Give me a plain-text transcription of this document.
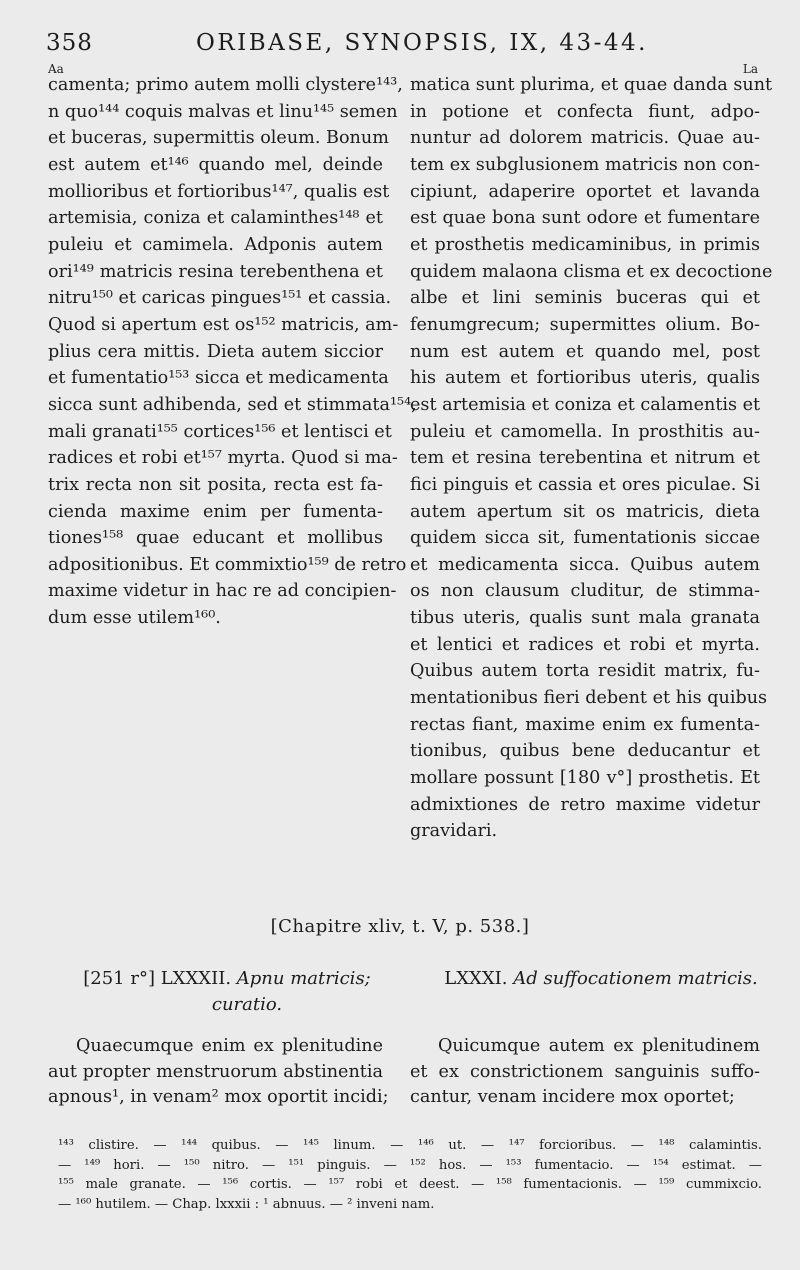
358	ORIBASE, SYNOPSIS, IX, 43-44.
Aa	La
camenta; primo autem molli clystere¹⁴³,
n quo¹⁴⁴ coquis malvas et linu¹⁴⁵ semen
et buceras, supermittis oleum. Bonum
est autem et¹⁴⁶ quando mel, deinde
mollioribus et fortioribus¹⁴⁷, qualis est
artemisia, coniza et calaminthes¹⁴⁸ et
puleiu et camimela. Adponis autem
ori¹⁴⁹ matricis resina terebenthena et
nitru¹⁵⁰ et caricas pingues¹⁵¹ et cassia.
Quod si apertum est os¹⁵² matricis, am-
plius cera mittis. Dieta autem siccior
et fumentatio¹⁵³ sicca et medicamenta
sicca sunt adhibenda, sed et stimmata¹⁵⁴,
mali granati¹⁵⁵ cortices¹⁵⁶ et lentisci et
radices et robi et¹⁵⁷ myrta. Quod si ma-
trix recta non sit posita, recta est fa-
cienda maxime enim per fumenta-
tiones¹⁵⁸ quae educant et mollibus
adpositionibus. Et commixtio¹⁵⁹ de retro
maxime videtur in hac re ad concipien-
dum esse utilem¹⁶⁰.
matica sunt plurima, et quae danda sunt
in potione et confecta fiunt, adpo-
nuntur ad dolorem matricis. Quae au-
tem ex subglusionem matricis non con-
cipiunt, adaperire oportet et lavanda
est quae bona sunt odore et fumentare
et prosthetis medicaminibus, in primis
quidem malaona clisma et ex decoctione
albe et lini seminis buceras qui et
fenumgrecum; supermittes olium. Bo-
num est autem et quando mel, post
his autem et fortioribus uteris, qualis
est artemisia et coniza et calamentis et
puleiu et camomella. In prosthitis au-
tem et resina terebentina et nitrum et
fici pinguis et cassia et ores piculae. Si
autem apertum sit os matricis, dieta
quidem sicca sit, fumentationis siccae
et medicamenta sicca. Quibus autem
os non clausum cluditur, de stimma-
tibus uteris, qualis sunt mala granata
et lentici et radices et robi et myrta.
Quibus autem torta residit matrix, fu-
mentationibus fieri debent et his quibus
rectas fiant, maxime enim ex fumenta-
tionibus, quibus bene deducantur et
mollare possunt [180 v°] prosthetis. Et
admixtiones de retro maxime videtur
gravidari.
[Chapitre xliv, t. V, p. 538.]
[251 r°] LXXXII. Apnu matricis;
curatio.
LXXXI. Ad suffocationem matricis.
Quaecumque enim ex plenitudine
aut propter menstruorum abstinentia
apnous¹, in venam² mox oportit incidi;
Quicumque autem ex plenitudinem
et ex constrictionem sanguinis suffo-
cantur, venam incidere mox oportet;
¹⁴³ clistire. — ¹⁴⁴ quibus. — ¹⁴⁵ linum. — ¹⁴⁶ ut. — ¹⁴⁷ forcioribus. — ¹⁴⁸ calamintis.
— ¹⁴⁹ hori. — ¹⁵⁰ nitro. — ¹⁵¹ pinguis. — ¹⁵² hos. — ¹⁵³ fumentacio. — ¹⁵⁴ estimat. —
¹⁵⁵ male granate. — ¹⁵⁶ cortis. — ¹⁵⁷ robi et deest. — ¹⁵⁸ fumentacionis. — ¹⁵⁹ cummixcio.
— ¹⁶⁰ hutilem. — Chap. lxxxii : ¹ abnuus. — ² inveni nam.
